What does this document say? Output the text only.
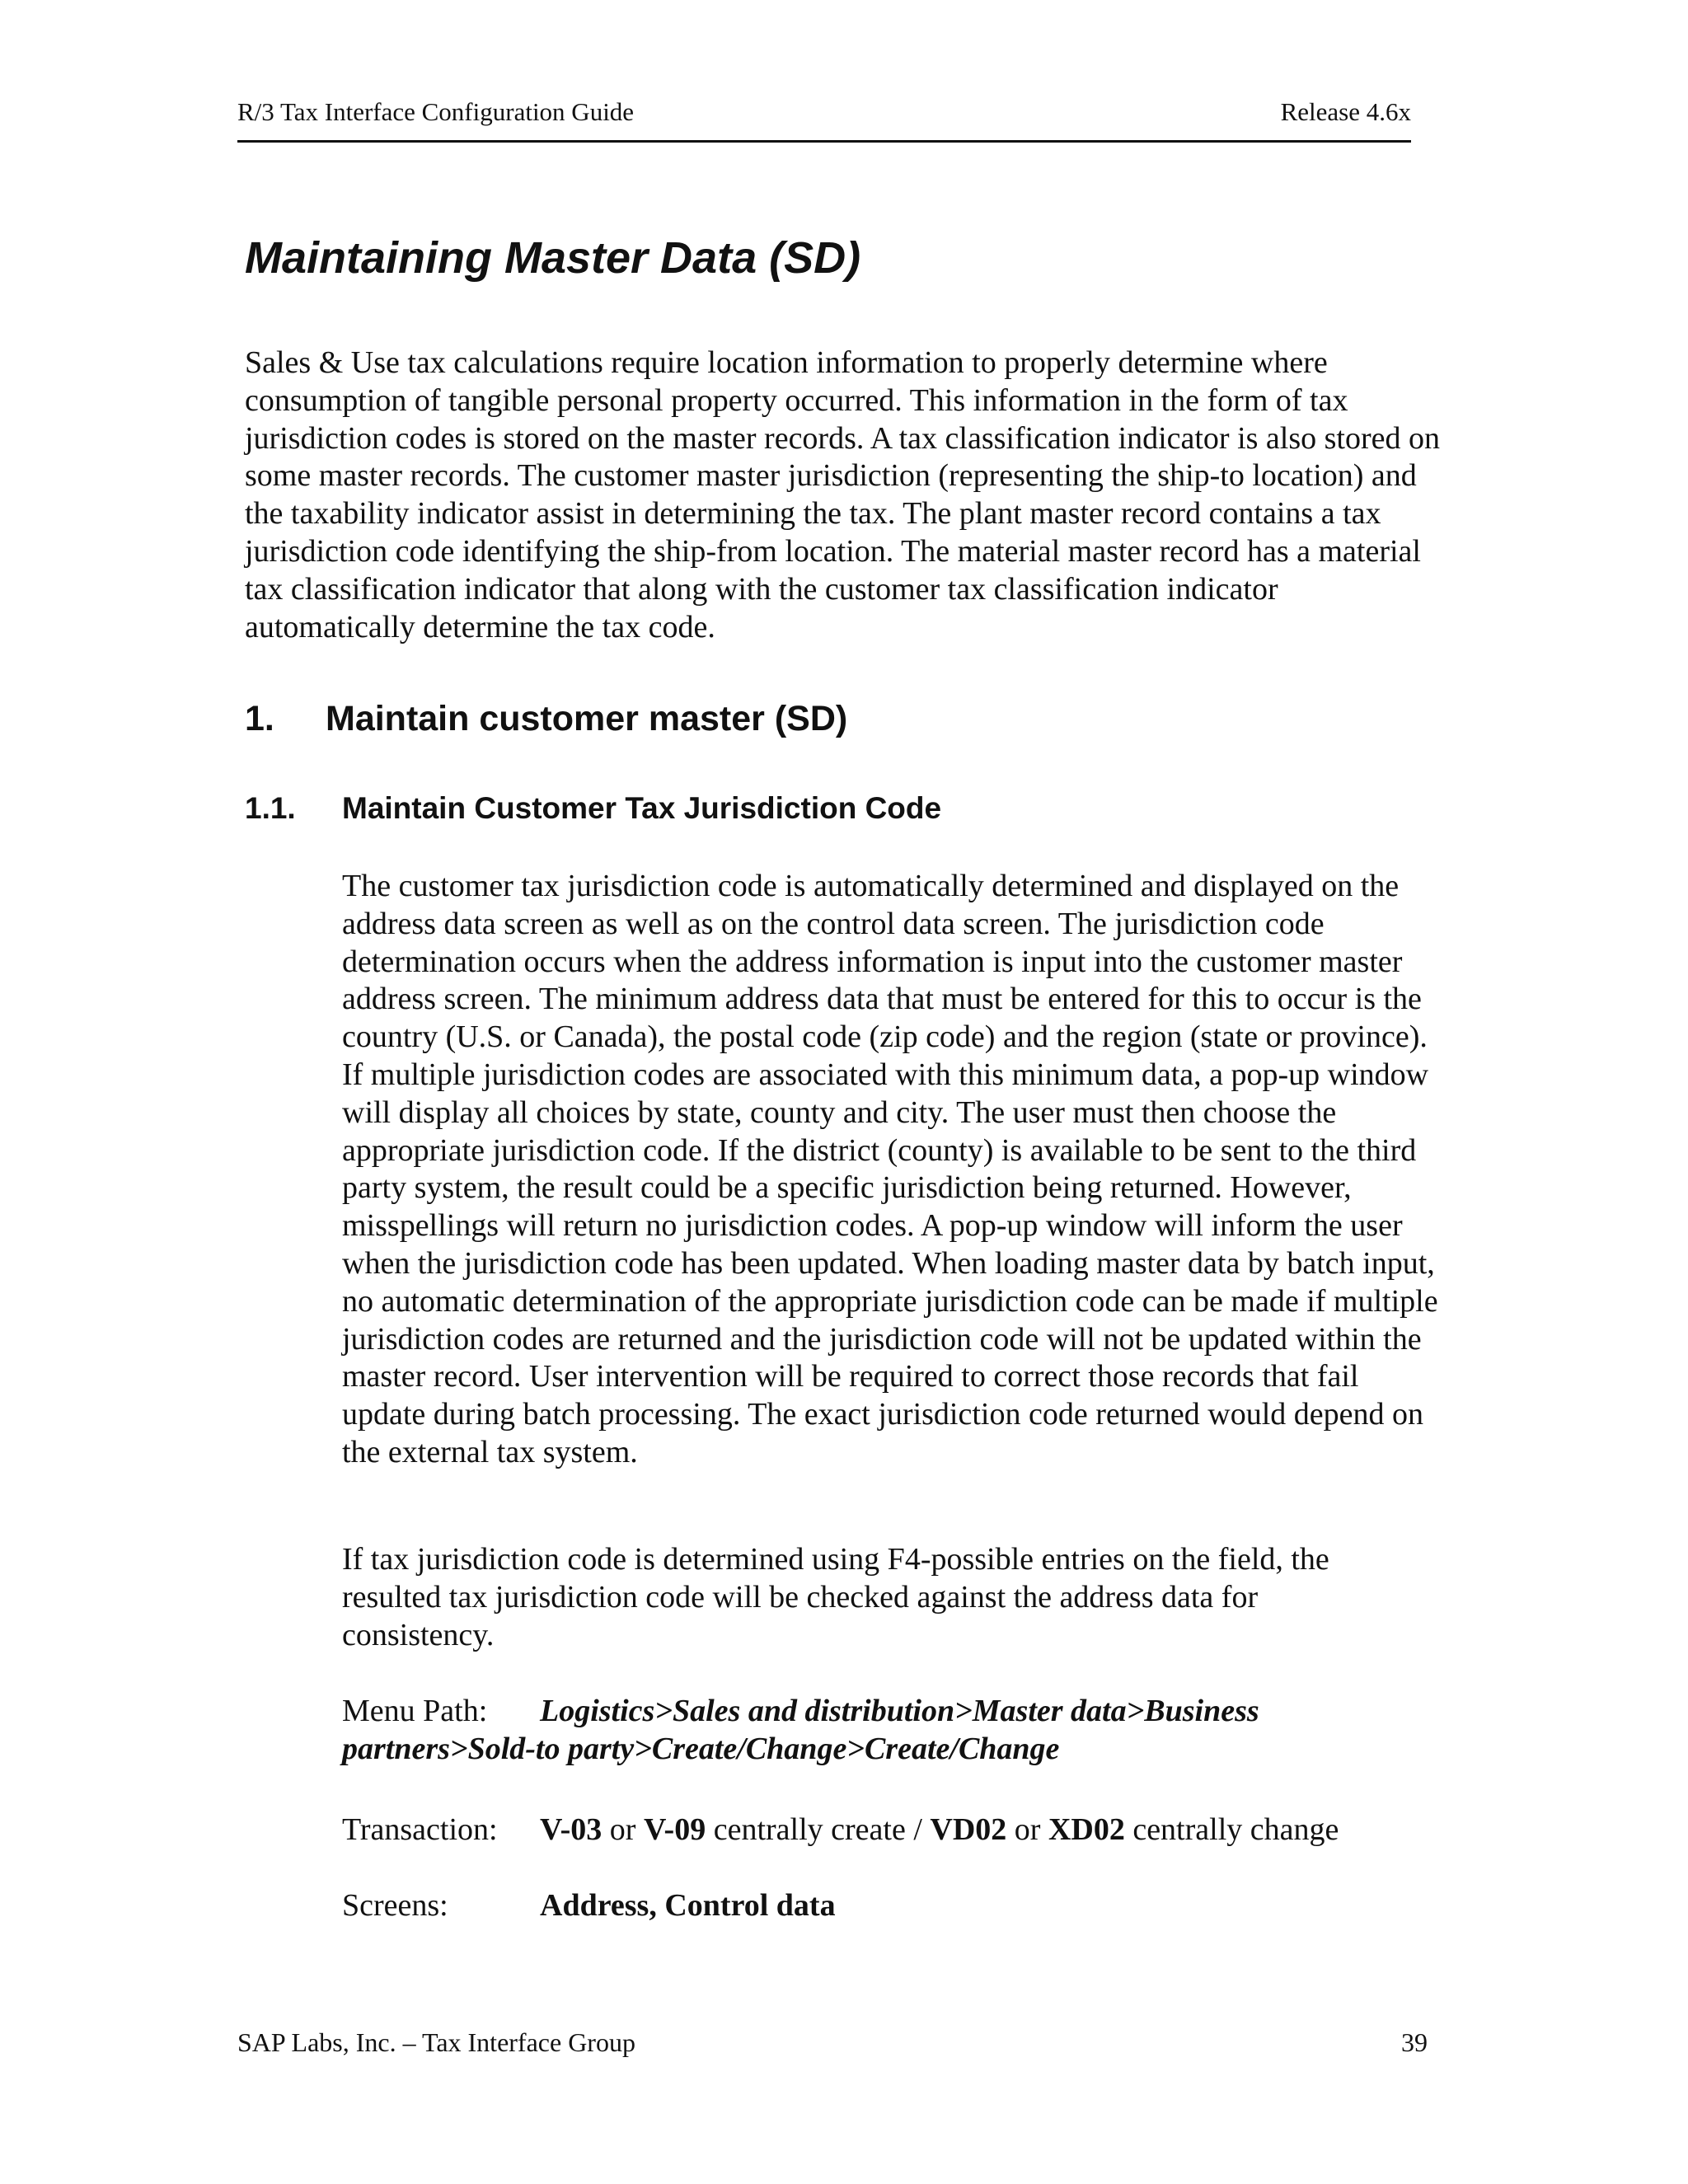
R/3 Tax Interface Configuration Guide	Release 4.6x
Maintaining Master Data (SD)

Sales & Use tax calculations require location information to properly determine where consumption of tangible personal property occurred. This information in the form of tax jurisdiction codes is stored on the master records. A tax classification indicator is also stored on some master records. The customer master jurisdiction (representing the ship-to location) and the taxability indicator assist in determining the tax. The plant master record contains a tax jurisdiction code identifying the ship-from location. The material master record has a material tax classification indicator that along with the customer tax classification indicator automatically determine the tax code.

1. Maintain customer master (SD)
1.1. Maintain Customer Tax Jurisdiction Code

The customer tax jurisdiction code is automatically determined and displayed on the address data screen as well as on the control data screen. The jurisdiction code determination occurs when the address information is input into the customer master address screen. The minimum address data that must be entered for this to occur is the country (U.S. or Canada), the postal code (zip code) and the region (state or province). If multiple jurisdiction codes are associated with this minimum data, a pop-up window will display all choices by state, county and city. The user must then choose the appropriate jurisdiction code. If the district (county) is available to be sent to the third party system, the result could be a specific jurisdiction being returned. However, misspellings will return no jurisdiction codes. A pop-up window will inform the user when the jurisdiction code has been updated. When loading master data by batch input, no automatic determination of the appropriate jurisdiction code can be made if multiple jurisdiction codes are returned and the jurisdiction code will not be updated within the master record. User intervention will be required to correct those records that fail update during batch processing. The exact jurisdiction code returned would depend on the external tax system.

If tax jurisdiction code is determined using F4-possible entries on the field, the resulted tax jurisdiction code will be checked against the address data for consistency.

Menu Path: Logistics>Sales and distribution>Master data>Business partners>Sold-to party>Create/Change>Create/Change
Transaction: V-03 or V-09 centrally create / VD02 or XD02 centrally change
Screens:	Address, Control data
SAP Labs, Inc. – Tax Interface Group	39
